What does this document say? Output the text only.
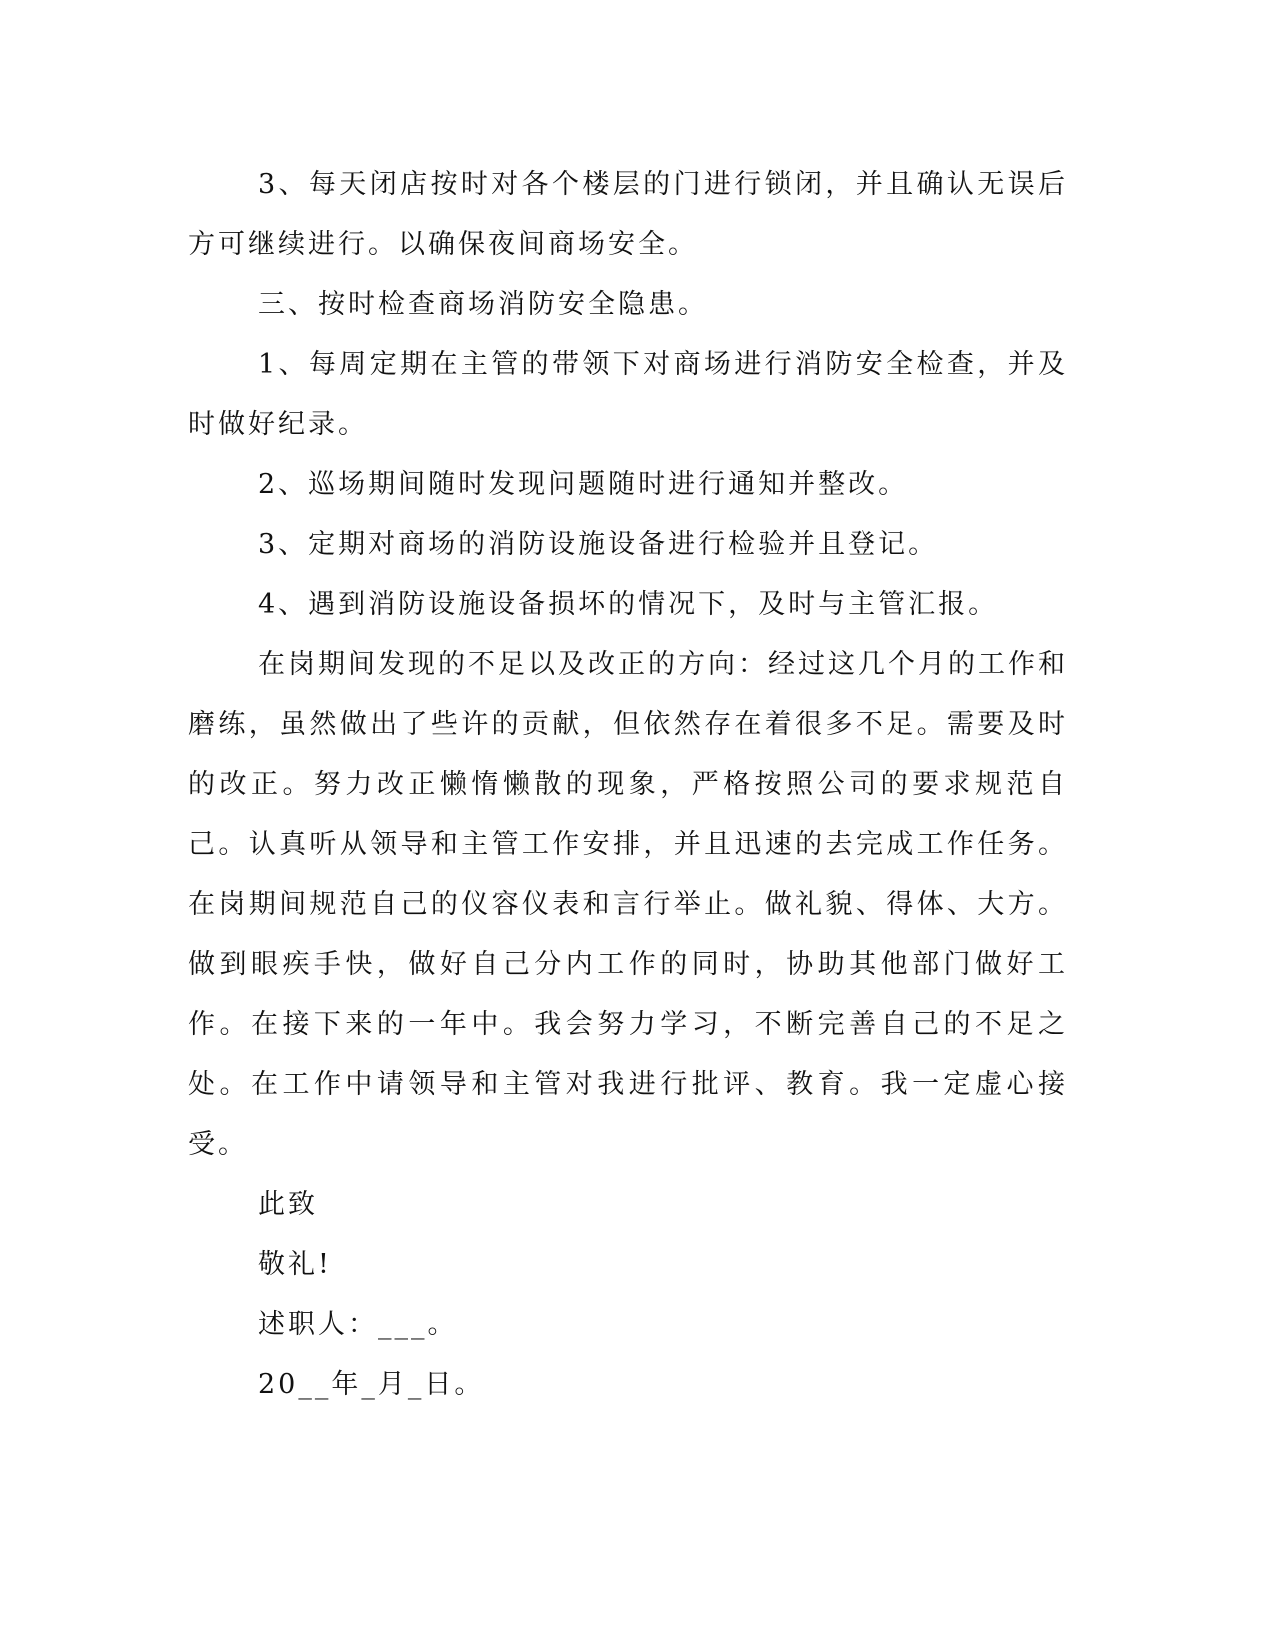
3、每天闭店按时对各个楼层的门进行锁闭，并且确认无误后方可继续进行。以确保夜间商场安全。

三、按时检查商场消防安全隐患。

1、每周定期在主管的带领下对商场进行消防安全检查，并及时做好纪录。

2、巡场期间随时发现问题随时进行通知并整改。

3、定期对商场的消防设施设备进行检验并且登记。

4、遇到消防设施设备损坏的情况下，及时与主管汇报。

在岗期间发现的不足以及改正的方向：经过这几个月的工作和磨练，虽然做出了些许的贡献，但依然存在着很多不足。需要及时的改正。努力改正懒惰懒散的现象，严格按照公司的要求规范自己。认真听从领导和主管工作安排，并且迅速的去完成工作任务。在岗期间规范自己的仪容仪表和言行举止。做礼貌、得体、大方。做到眼疾手快，做好自己分内工作的同时，协助其他部门做好工作。在接下来的一年中。我会努力学习，不断完善自己的不足之处。在工作中请领导和主管对我进行批评、教育。我一定虚心接受。

此致

敬礼!

述职人：___。

20__年_月_日。
